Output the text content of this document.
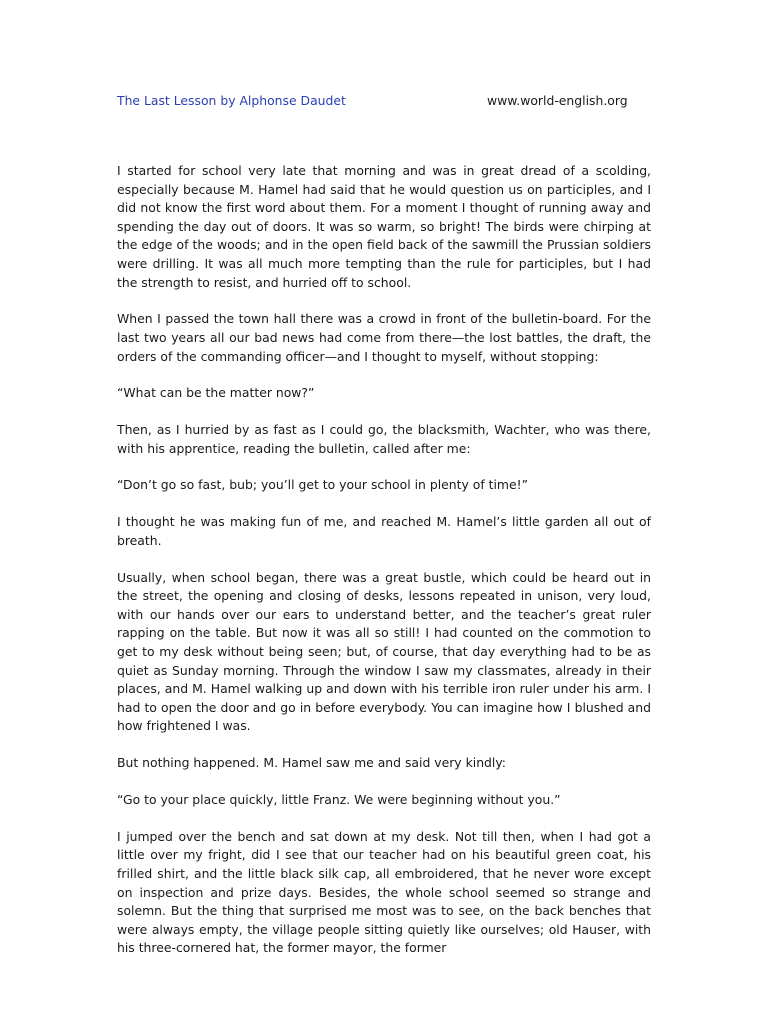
The Last Lesson by Alphonse Daudet	www.world-english.org

I started for school very late that morning and was in great dread of a scolding, especially because M. Hamel had said that he would question us on participles, and I did not know the first word about them. For a moment I thought of running away and spending the day out of doors. It was so warm, so bright! The birds were chirping at the edge of the woods; and in the open field back of the sawmill the Prussian soldiers were drilling. It was all much more tempting than the rule for participles, but I had the strength to resist, and hurried off to school.

When I passed the town hall there was a crowd in front of the bulletin-board. For the last two years all our bad news had come from there—the lost battles, the draft, the orders of the commanding officer—and I thought to myself, without stopping:

“What can be the matter now?”

Then, as I hurried by as fast as I could go, the blacksmith, Wachter, who was there, with his apprentice, reading the bulletin, called after me:

“Don’t go so fast, bub; you’ll get to your school in plenty of time!”

I thought he was making fun of me, and reached M. Hamel’s little garden all out of breath.

Usually, when school began, there was a great bustle, which could be heard out in the street, the opening and closing of desks, lessons repeated in unison, very loud, with our hands over our ears to understand better, and the teacher’s great ruler rapping on the table. But now it was all so still! I had counted on the commotion to get to my desk without being seen; but, of course, that day everything had to be as quiet as Sunday morning. Through the window I saw my classmates, already in their places, and M. Hamel walking up and down with his terrible iron ruler under his arm. I had to open the door and go in before everybody. You can imagine how I blushed and how frightened I was.

But nothing happened. M. Hamel saw me and said very kindly:

“Go to your place quickly, little Franz. We were beginning without you.”

I jumped over the bench and sat down at my desk. Not till then, when I had got a little over my fright, did I see that our teacher had on his beautiful green coat, his frilled shirt, and the little black silk cap, all embroidered, that he never wore except on inspection and prize days. Besides, the whole school seemed so strange and solemn. But the thing that surprised me most was to see, on the back benches that were always empty, the village people sitting quietly like ourselves; old Hauser, with his three-cornered hat, the former mayor, the former
